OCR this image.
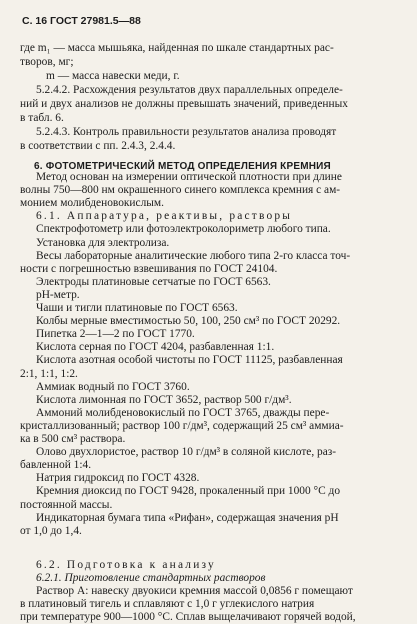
С. 16 ГОСТ 27981.5—88
где m₁ — масса мышьяка, найденная по шкале стандартных рас-
творов, мг;
m — масса навески меди, г.
5.2.4.2. Расхождения результатов двух параллельных определе-
ний и двух анализов не должны превышать значений, приведенных
в табл. 6.
5.2.4.3. Контроль правильности результатов анализа проводят
в соответствии с пп. 2.4.3, 2.4.4.
6. ФОТОМЕТРИЧЕСКИЙ МЕТОД ОПРЕДЕЛЕНИЯ КРЕМНИЯ
Метод основан на измерении оптической плотности при длине
волны 750—800 нм окрашенного синего комплекса кремния с ам-
монием молибденовокислым.
6.1. Аппаратура, реактивы, растворы
Спектрофотометр или фотоэлектроколориметр любого типа.
Установка для электролиза.
Весы лабораторные аналитические любого типа 2-го класса точ-
ности с погрешностью взвешивания по ГОСТ 24104.
Электроды платиновые сетчатые по ГОСТ 6563.
pH-метр.
Чаши и тигли платиновые по ГОСТ 6563.
Колбы мерные вместимостью 50, 100, 250 см³ по ГОСТ 20292.
Пипетка 2—1—2 по ГОСТ 1770.
Кислота серная по ГОСТ 4204, разбавленная 1:1.
Кислота азотная особой чистоты по ГОСТ 11125, разбавленная
2:1, 1:1, 1:2.
Аммиак водный по ГОСТ 3760.
Кислота лимонная по ГОСТ 3652, раствор 500 г/дм³.
Аммоний молибденовокислый по ГОСТ 3765, дважды пере-
кристаллизованный; раствор 100 г/дм³, содержащий 25 см³ аммиа-
ка в 500 см³ раствора.
Олово двухлористое, раствор 10 г/дм³ в соляной кислоте, раз-
бавленной 1:4.
Натрия гидроксид по ГОСТ 4328.
Кремния диоксид по ГОСТ 9428, прокаленный при 1000 °С до
постоянной массы.
Индикаторная бумага типа «Рифан», содержащая значения pH
от 1,0 до 1,4.
6.2. Подготовка к анализу
6.2.1. Приготовление стандартных растворов
Раствор А: навеску двуокиси кремния массой 0,0856 г помещают
в платиновый тигель и сплавляют с 1,0 г углекислого натрия
при температуре 900—1000 °С. Сплав выщелачивают горячей водой,
